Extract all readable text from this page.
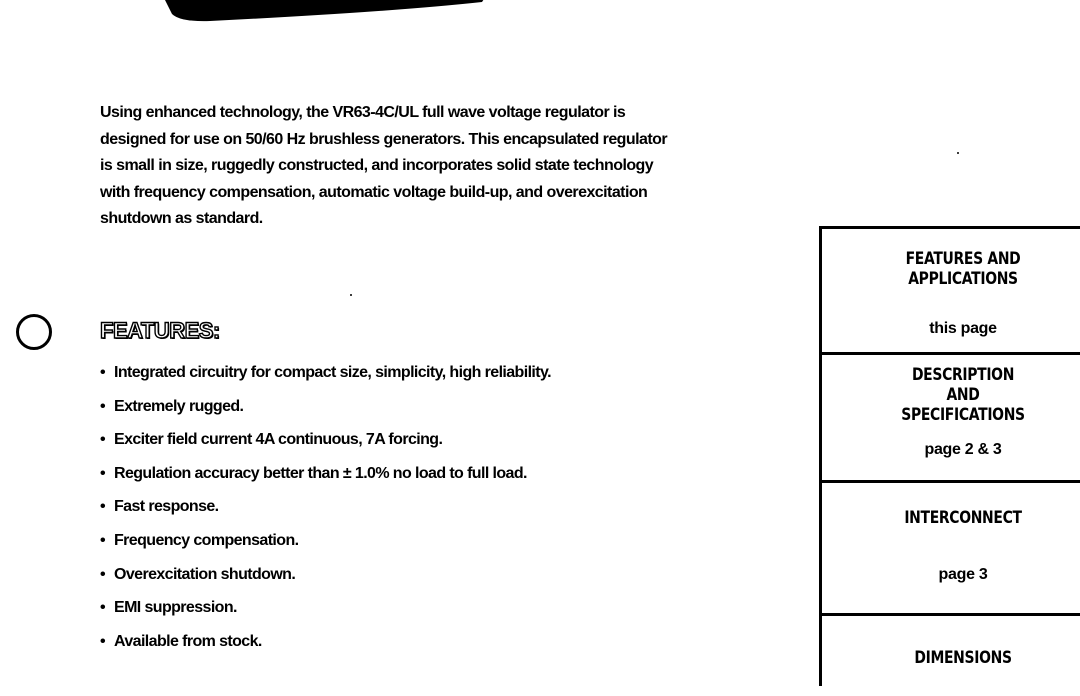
Using enhanced technology, the VR63-4C/UL full wave voltage regulator is designed for use on 50/60 Hz brushless generators. This encapsulated regulator is small in size, ruggedly constructed, and incorporates solid state technology with frequency compensation, automatic voltage build-up, and overexcitation shutdown as standard.

FEATURES:
• Integrated circuitry for compact size, simplicity, high reliability.
• Extremely rugged.
• Exciter field current 4A continuous, 7A forcing.
• Regulation accuracy better than ± 1.0% no load to full load.
• Fast response.
• Frequency compensation.
• Overexcitation shutdown.
• EMI suppression.
• Available from stock.
FEATURES AND
APPLICATIONS
this page
DESCRIPTION
AND
SPECIFICATIONS
page 2 & 3
INTERCONNECT
page 3
DIMENSIONS
